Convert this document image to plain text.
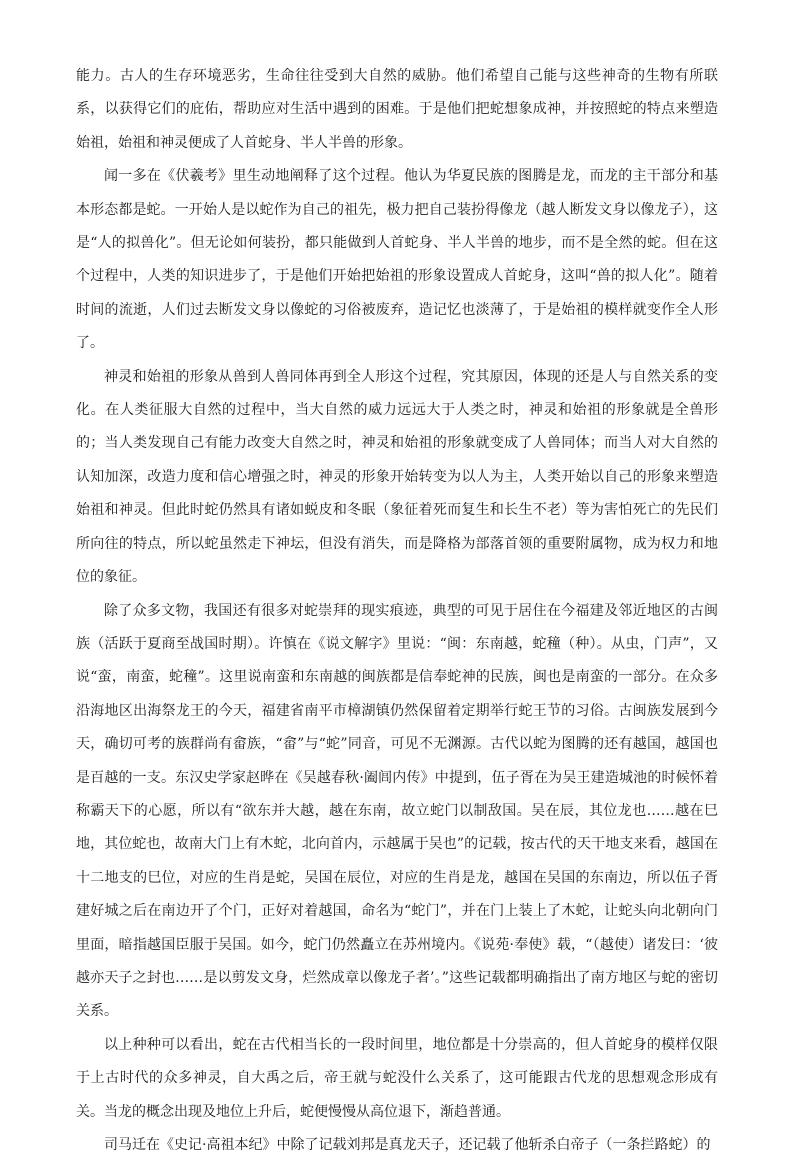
能力。古人的生存环境恶劣，生命往往受到大自然的威胁。他们希望自己能与这些神奇的生物有所联系，以获得它们的庇佑，帮助应对生活中遇到的困难。于是他们把蛇想象成神，并按照蛇的特点来塑造始祖，始祖和神灵便成了人首蛇身、半人半兽的形象。

闻一多在《伏羲考》里生动地阐释了这个过程。他认为华夏民族的图腾是龙，而龙的主干部分和基本形态都是蛇。一开始人是以蛇作为自己的祖先，极力把自己装扮得像龙（越人断发文身以像龙子），这是“人的拟兽化”。但无论如何装扮，都只能做到人首蛇身、半人半兽的地步，而不是全然的蛇。但在这个过程中，人类的知识进步了，于是他们开始把始祖的形象设置成人首蛇身，这叫“兽的拟人化”。随着时间的流逝，人们过去断发文身以像蛇的习俗被废弃，造记忆也淡薄了，于是始祖的模样就变作全人形了。

神灵和始祖的形象从兽到人兽同体再到全人形这个过程，究其原因，体现的还是人与自然关系的变化。在人类征服大自然的过程中，当大自然的威力远远大于人类之时，神灵和始祖的形象就是全兽形的；当人类发现自己有能力改变大自然之时，神灵和始祖的形象就变成了人兽同体；而当人对大自然的认知加深，改造力度和信心增强之时，神灵的形象开始转变为以人为主，人类开始以自己的形象来塑造始祖和神灵。但此时蛇仍然具有诸如蜕皮和冬眠（象征着死而复生和长生不老）等为害怕死亡的先民们所向往的特点，所以蛇虽然走下神坛，但没有消失，而是降格为部落首领的重要附属物，成为权力和地位的象征。

除了众多文物，我国还有很多对蛇崇拜的现实痕迹，典型的可见于居住在今福建及邻近地区的古闽族（活跃于夏商至战国时期）。许慎在《说文解字》里说：“闽：东南越，蛇穜（种）。从虫，门声”，又说“蛮，南蛮，蛇穜”。这里说南蛮和东南越的闽族都是信奉蛇神的民族，闽也是南蛮的一部分。在众多沿海地区出海祭龙王的今天，福建省南平市樟湖镇仍然保留着定期举行蛇王节的习俗。古闽族发展到今天，确切可考的族群尚有畲族，“畲”与“蛇”同音，可见不无渊源。古代以蛇为图腾的还有越国，越国也是百越的一支。东汉史学家赵晔在《吴越春秋·阖闾内传》中提到，伍子胥在为吴王建造城池的时候怀着称霸天下的心愿，所以有“欲东并大越，越在东南，故立蛇门以制敌国。吴在辰，其位龙也……越在巳地，其位蛇也，故南大门上有木蛇，北向首内，示越属于吴也”的记载，按古代的天干地支来看，越国在十二地支的巳位，对应的生肖是蛇，吴国在辰位，对应的生肖是龙，越国在吴国的东南边，所以伍子胥建好城之后在南边开了个门，正好对着越国，命名为“蛇门”，并在门上装上了木蛇，让蛇头向北朝向门里面，暗指越国臣服于吴国。如今，蛇门仍然矗立在苏州境内。《说苑·奉使》载，“（越使）诸发曰：‘彼越亦天子之封也……是以剪发文身，烂然成章以像龙子者’。”这些记载都明确指出了南方地区与蛇的密切关系。

以上种种可以看出，蛇在古代相当长的一段时间里，地位都是十分崇高的，但人首蛇身的模样仅限于上古时代的众多神灵，自大禹之后，帝王就与蛇没什么关系了，这可能跟古代龙的思想观念形成有关。当龙的概念出现及地位上升后，蛇便慢慢从高位退下，渐趋普通。

司马迁在《史记·高祖本纪》中除了记载刘邦是真龙天子，还记载了他斩杀白帝子（一条拦路蛇）的
